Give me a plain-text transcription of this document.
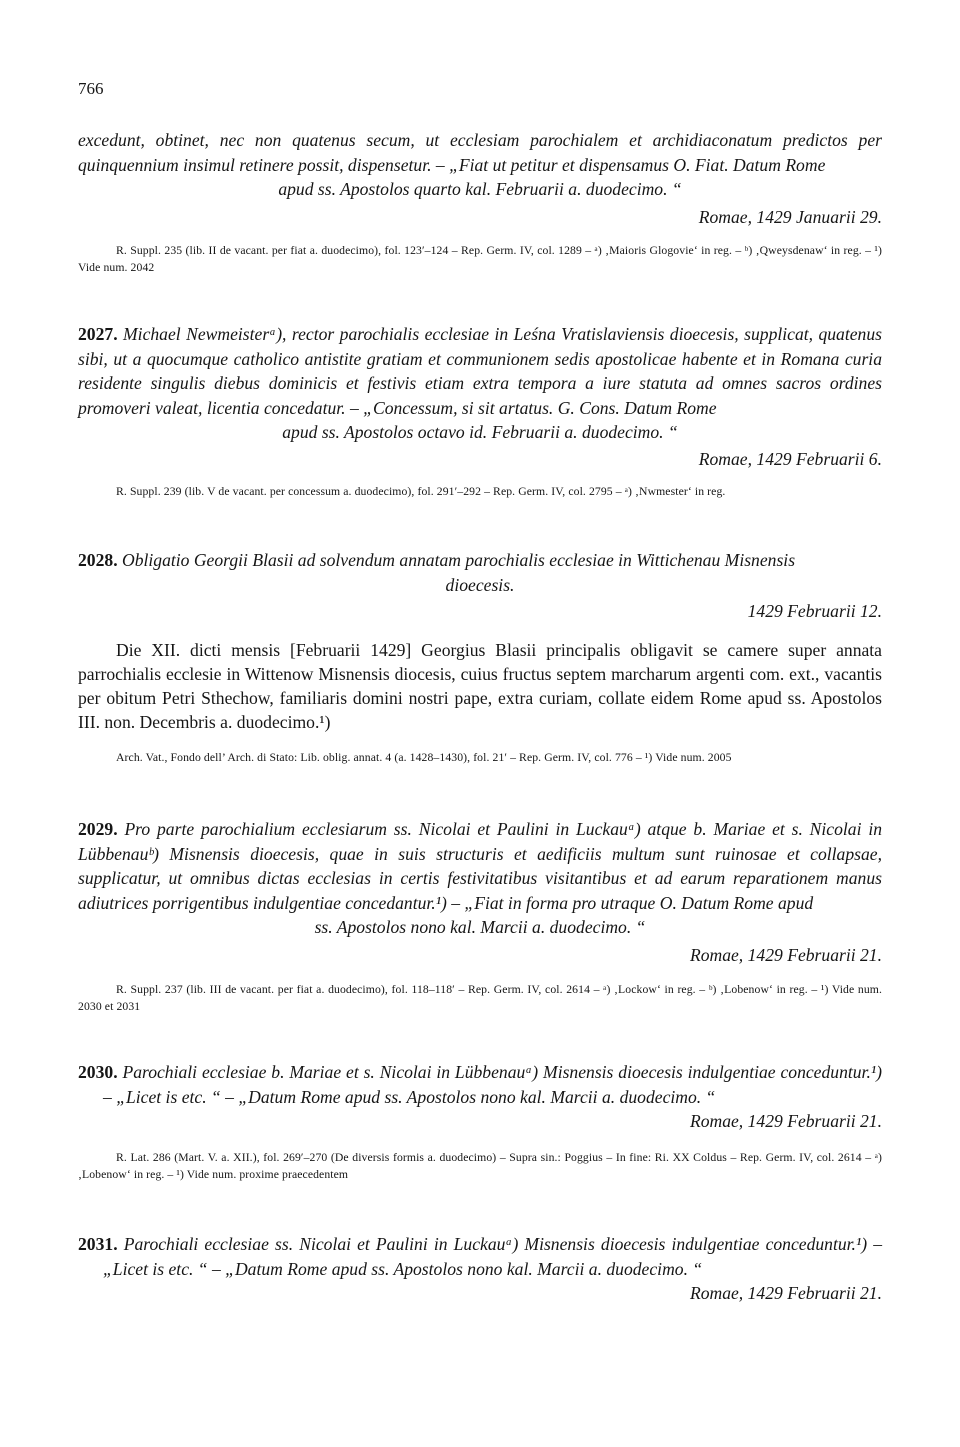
766
excedunt, obtinet, nec non quatenus secum, ut ecclesiam parochialem et archidiaconatum predictos per quinquennium insimul retinere possit, dispensetur. – „Fiat ut petitur et dispensamus O. Fiat. Datum Rome
apud ss. Apostolos quarto kal. Februarii a. duodecimo. “
Romae, 1429 Januarii 29.
R. Suppl. 235 (lib. II de vacant. per fiat a. duodecimo), fol. 123′–124 – Rep. Germ. IV, col. 1289 – ᵃ) ‚Maioris Glogovie‘ in reg. – ᵇ) ‚Qweysdenaw‘ in reg. – ¹) Vide num. 2042
2027. Michael Newmeisterᵃ), rector parochialis ecclesiae in Leśna Vratislaviensis dioecesis, supplicat, quatenus sibi, ut a quocumque catholico antistite gratiam et communionem sedis apostolicae habente et in Romana curia residente singulis diebus dominicis et festivis etiam extra tempora a iure statuta ad omnes sacros ordines promoveri valeat, licentia concedatur. – „Concessum, si sit artatus. G. Cons. Datum Rome
apud ss. Apostolos octavo id. Februarii a. duodecimo. “
Romae, 1429 Februarii 6.
R. Suppl. 239 (lib. V de vacant. per concessum a. duodecimo), fol. 291′–292 – Rep. Germ. IV, col. 2795 – ᵃ) ‚Nwmester‘ in reg.
2028. Obligatio Georgii Blasii ad solvendum annatam parochialis ecclesiae in Wittichenau Misnensis
dioecesis.
1429 Februarii 12.
Die XII. dicti mensis [Februarii 1429] Georgius Blasii principalis obligavit se camere super annata parrochialis ecclesie in Wittenow Misnensis diocesis, cuius fructus septem marcharum argenti com. ext., vacantis per obitum Petri Sthechow, familiaris domini nostri pape, extra curiam, collate eidem Rome apud ss. Apostolos III. non. Decembris a. duodecimo.¹)
Arch. Vat., Fondo dell’ Arch. di Stato: Lib. oblig. annat. 4 (a. 1428–1430), fol. 21′ – Rep. Germ. IV, col. 776 – ¹) Vide num. 2005
2029. Pro parte parochialium ecclesiarum ss. Nicolai et Paulini in Luckauᵃ) atque b. Mariae et s. Nicolai in Lübbenauᵇ) Misnensis dioecesis, quae in suis structuris et aedificiis multum sunt ruinosae et collapsae, supplicatur, ut omnibus dictas ecclesias in certis festivitatibus visitantibus et ad earum reparationem manus adiutrices porrigentibus indulgentiae concedantur.¹) – „Fiat in forma pro utraque O. Datum Rome apud
ss. Apostolos nono kal. Marcii a. duodecimo. “
Romae, 1429 Februarii 21.
R. Suppl. 237 (lib. III de vacant. per fiat a. duodecimo), fol. 118–118′ – Rep. Germ. IV, col. 2614 – ᵃ) ‚Lockow‘ in reg. – ᵇ) ‚Lobenow‘ in reg. – ¹) Vide num. 2030 et 2031
2030. Parochiali ecclesiae b. Mariae et s. Nicolai in Lübbenauᵃ) Misnensis dioecesis indulgentiae conceduntur.¹) – „Licet is etc. “ – „Datum Rome apud ss. Apostolos nono kal. Marcii a. duodecimo. “
Romae, 1429 Februarii 21.
R. Lat. 286 (Mart. V. a. XII.), fol. 269′–270 (De diversis formis a. duodecimo) – Supra sin.: Poggius – In fine: Ri. XX Coldus – Rep. Germ. IV, col. 2614 – ᵃ) ‚Lobenow‘ in reg. – ¹) Vide num. proxime praecedentem
2031. Parochiali ecclesiae ss. Nicolai et Paulini in Luckauᵃ) Misnensis dioecesis indulgentiae conceduntur.¹) – „Licet is etc. “ – „Datum Rome apud ss. Apostolos nono kal. Marcii a. duodecimo. “
Romae, 1429 Februarii 21.
